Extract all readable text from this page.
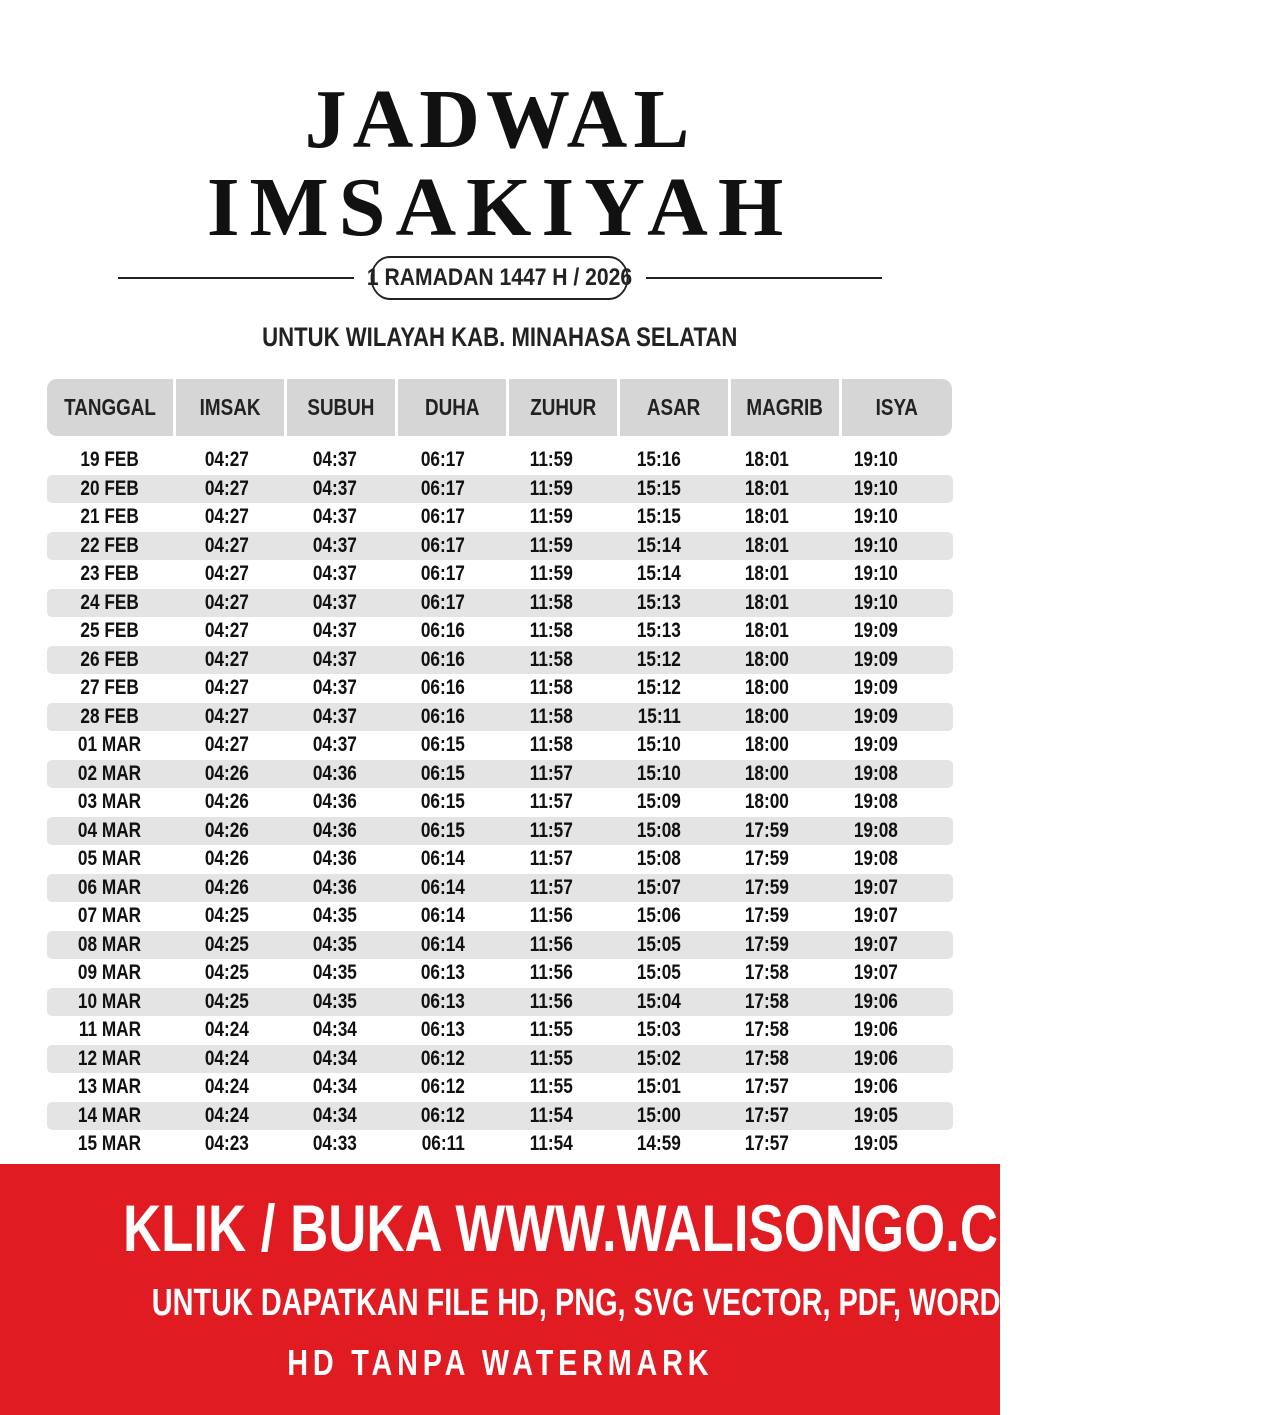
JADWAL
IMSAKIYAH
1 RAMADAN 1447 H / 2026
UNTUK WILAYAH KAB. MINAHASA SELATAN
TANGGAL IMSAK SUBUH DUHA ZUHUR ASAR MAGRIB ISYA
19 FEB	04:27	04:37	06:17	11:59	15:16	18:01	19:10
20 FEB	04:27	04:37	06:17	11:59	15:15	18:01	19:10
21 FEB	04:27	04:37	06:17	11:59	15:15	18:01	19:10
22 FEB	04:27	04:37	06:17	11:59	15:14	18:01	19:10
23 FEB	04:27	04:37	06:17	11:59	15:14	18:01	19:10
24 FEB	04:27	04:37	06:17	11:58	15:13	18:01	19:10
25 FEB	04:27	04:37	06:16	11:58	15:13	18:01	19:09
26 FEB	04:27	04:37	06:16	11:58	15:12	18:00	19:09
27 FEB	04:27	04:37	06:16	11:58	15:12	18:00	19:09
28 FEB	04:27	04:37	06:16	11:58	15:11	18:00	19:09
01 MAR	04:27	04:37	06:15	11:58	15:10	18:00	19:09
02 MAR	04:26	04:36	06:15	11:57	15:10	18:00	19:08
03 MAR	04:26	04:36	06:15	11:57	15:09	18:00	19:08
04 MAR	04:26	04:36	06:15	11:57	15:08	17:59	19:08
05 MAR	04:26	04:36	06:14	11:57	15:08	17:59	19:08
06 MAR	04:26	04:36	06:14	11:57	15:07	17:59	19:07
07 MAR	04:25	04:35	06:14	11:56	15:06	17:59	19:07
08 MAR	04:25	04:35	06:14	11:56	15:05	17:59	19:07
09 MAR	04:25	04:35	06:13	11:56	15:05	17:58	19:07
10 MAR	04:25	04:35	06:13	11:56	15:04	17:58	19:06
11 MAR	04:24	04:34	06:13	11:55	15:03	17:58	19:06
12 MAR	04:24	04:34	06:12	11:55	15:02	17:58	19:06
13 MAR	04:24	04:34	06:12	11:55	15:01	17:57	19:06
14 MAR	04:24	04:34	06:12	11:54	15:00	17:57	19:05
15 MAR	04:23	04:33	06:11	11:54	14:59	17:57	19:05
KLIK / BUKA WWW.WALISONGO.CO.ID
UNTUK DAPATKAN FILE HD, PNG, SVG VECTOR, PDF, WORD, EXCEL
HD TANPA WATERMARK
